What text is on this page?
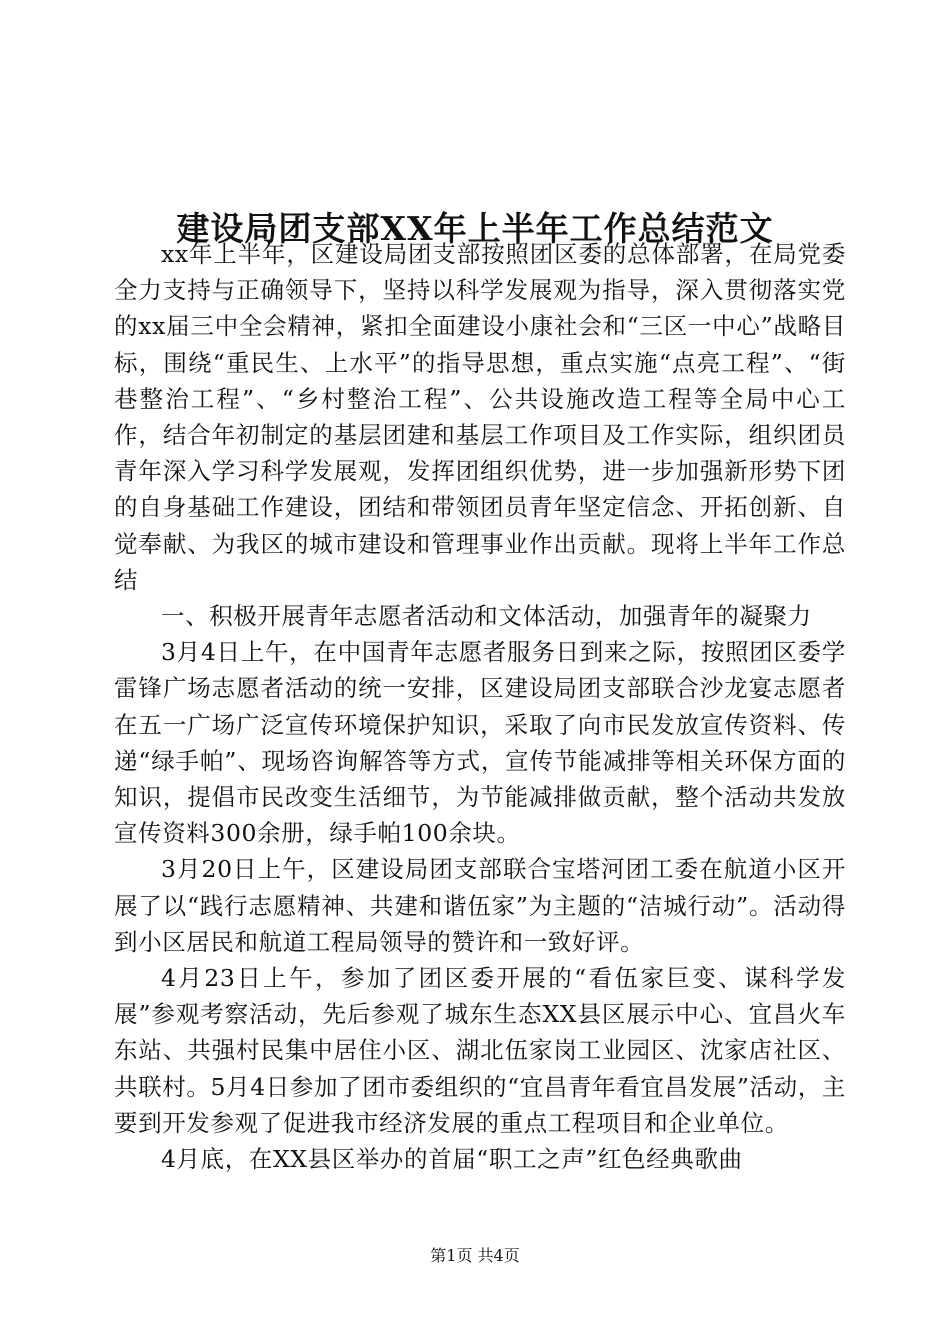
建设局团支部XX年上半年工作总结范文

xx年上半年，区建设局团支部按照团区委的总体部署，在局党委全力支持与正确领导下，坚持以科学发展观为指导，深入贯彻落实党的xx届三中全会精神，紧扣全面建设小康社会和“三区一中心”战略目标，围绕“重民生、上水平”的指导思想，重点实施“点亮工程”、“街巷整治工程”、“乡村整治工程”、公共设施改造工程等全局中心工作，结合年初制定的基层团建和基层工作项目及工作实际，组织团员青年深入学习科学发展观，发挥团组织优势，进一步加强新形势下团的自身基础工作建设，团结和带领团员青年坚定信念、开拓创新、自觉奉献、为我区的城市建设和管理事业作出贡献。现将上半年工作总结

一、积极开展青年志愿者活动和文体活动，加强青年的凝聚力

3月4日上午，在中国青年志愿者服务日到来之际，按照团区委学雷锋广场志愿者活动的统一安排，区建设局团支部联合沙龙宴志愿者在五一广场广泛宣传环境保护知识，采取了向市民发放宣传资料、传递“绿手帕”、现场咨询解答等方式，宣传节能减排等相关环保方面的知识，提倡市民改变生活细节，为节能减排做贡献，整个活动共发放宣传资料300余册，绿手帕100余块。

3月20日上午，区建设局团支部联合宝塔河团工委在航道小区开展了以“践行志愿精神、共建和谐伍家”为主题的“洁城行动”。活动得到小区居民和航道工程局领导的赞许和一致好评。

4月23日上午，参加了团区委开展的“看伍家巨变、谋科学发展”参观考察活动，先后参观了城东生态XX县区展示中心、宜昌火车东站、共强村民集中居住小区、湖北伍家岗工业园区、沈家店社区、共联村。5月4日参加了团市委组织的“宜昌青年看宜昌发展”活动，主要到开发参观了促进我市经济发展的重点工程项目和企业单位。

4月底，在XX县区举办的首届“职工之声”红色经典歌曲

第1页 共4页
